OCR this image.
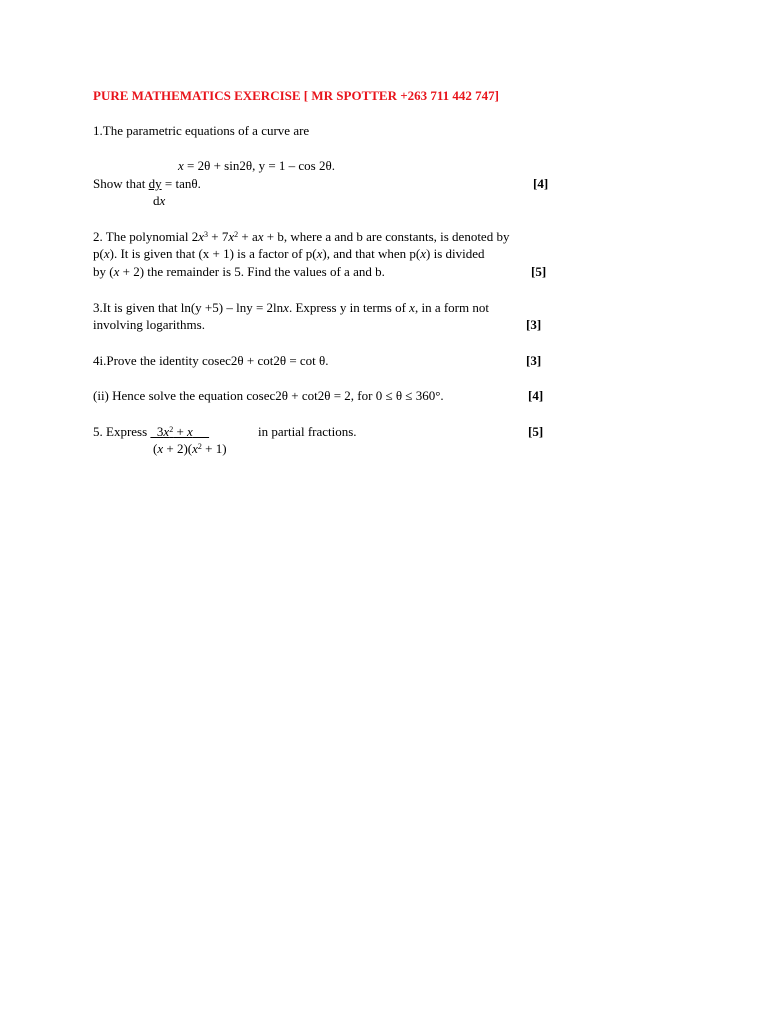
PURE MATHEMATICS EXERCISE [ MR SPOTTER +263 711 442 747]
1.The parametric equations of a curve are
x = 2θ + sin2θ, y = 1 – cos 2θ.
Show that dy = tanθ.
dx
[4]
2. The polynomial $2x^3 + 7x^2$ + ax + b, where a and b are constants, is denoted by
p(x). It is given that (x + 1) is a factor of p(x), and that when p(x) is divided
by (x + 2) the remainder is 5. Find the values of a and b.	[5]
3.It is given that ln(y +5) – lny = 2lnx. Express y in terms of x, in a form not
involving logarithms.	[3]
4i.Prove the identity cosec2θ + cot2θ = cot θ.	[3]
(ii) Hence solve the equation cosec2θ + cot2θ = 2, for 0 ≤ θ ≤ 360°.	[4]
5. Express   $3x^2 + x$	in partial fractions.
$(x + 2)(x^2 + 1)$
[5]
